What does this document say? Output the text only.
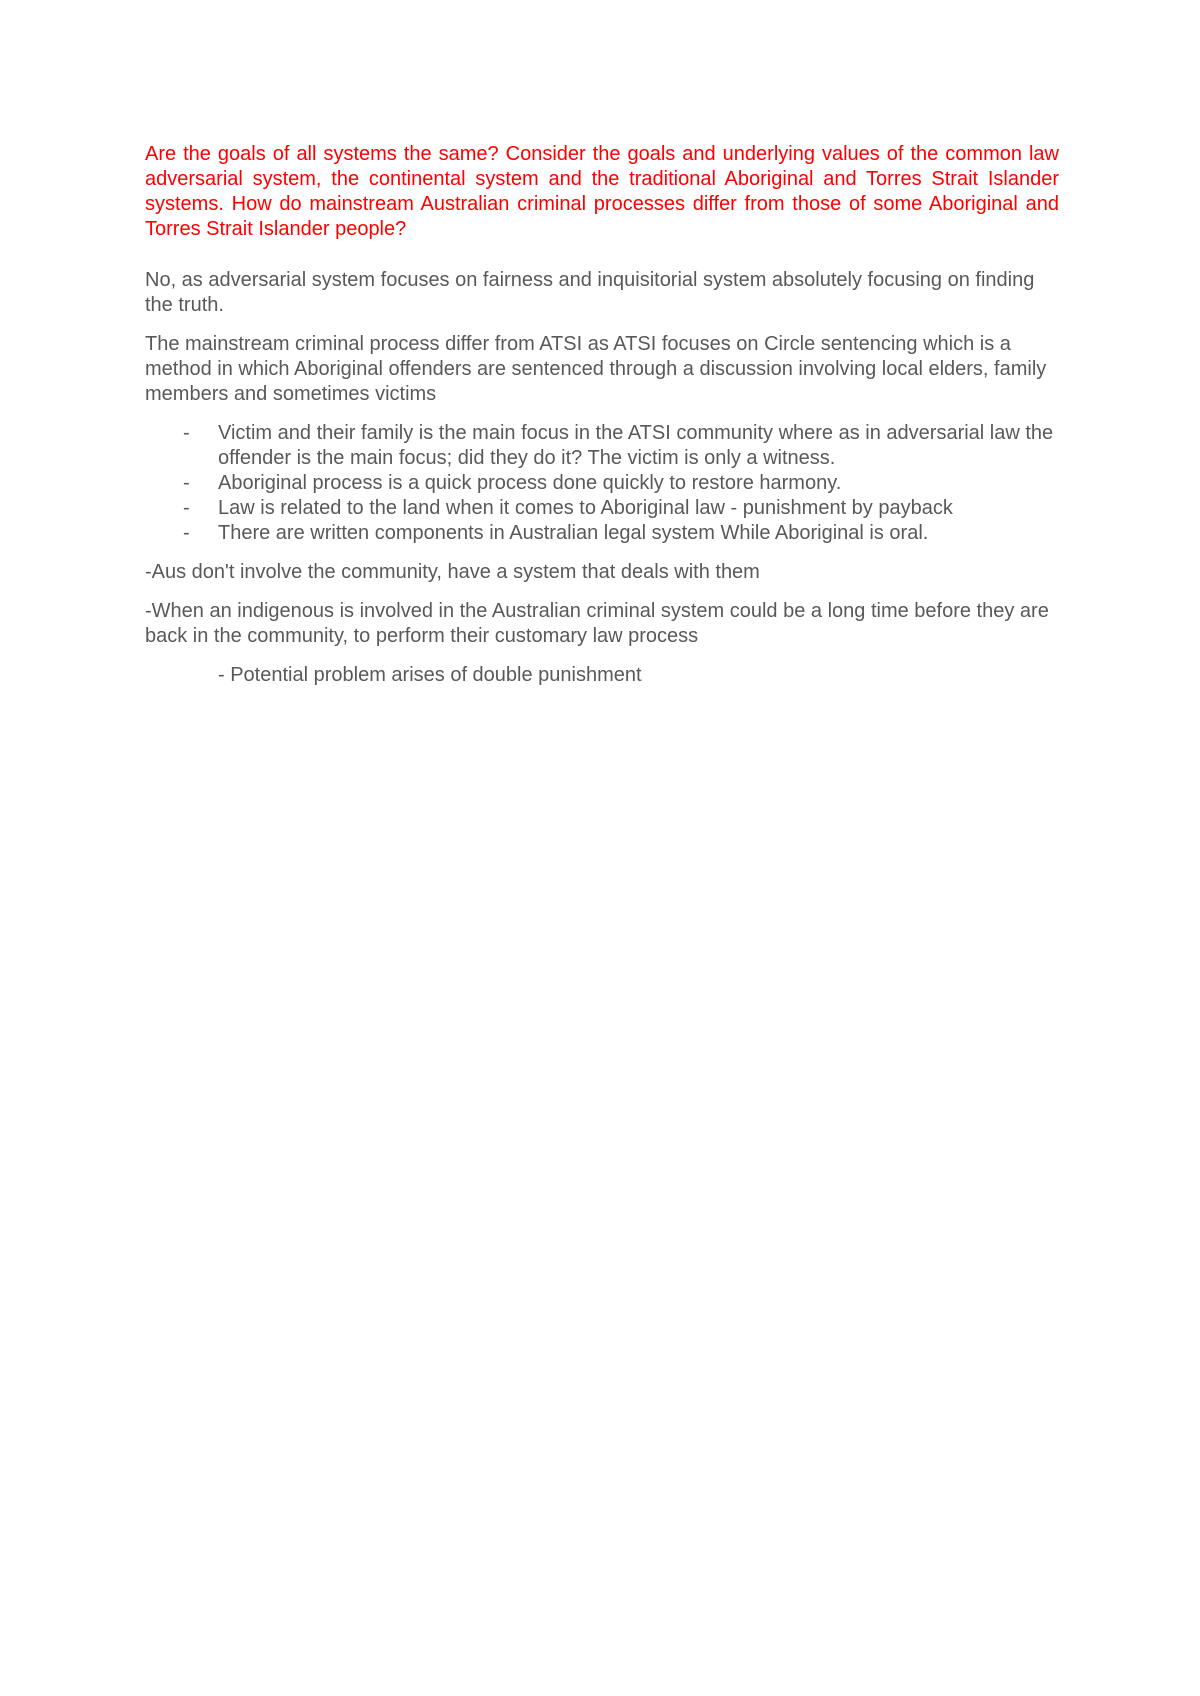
Are the goals of all systems the same? Consider the goals and underlying values of the common law adversarial system, the continental system and the traditional Aboriginal and Torres Strait Islander systems. How do mainstream Australian criminal processes differ from those of some Aboriginal and Torres Strait Islander people?

No, as adversarial system focuses on fairness and inquisitorial system absolutely focusing on finding the truth.

The mainstream criminal process differ from ATSI as ATSI focuses on Circle sentencing which is a method in which Aboriginal offenders are sentenced through a discussion involving local elders, family members and sometimes victims

- Victim and their family is the main focus in the ATSI community where as in adversarial law the offender is the main focus; did they do it? The victim is only a witness.
- Aboriginal process is a quick process done quickly to restore harmony.
- Law is related to the land when it comes to Aboriginal law - punishment by payback
- There are written components in Australian legal system While Aboriginal is oral.

-Aus don't involve the community, have a system that deals with them

-When an indigenous is involved in the Australian criminal system could be a long time before they are back in the community, to perform their customary law process

- Potential problem arises of double punishment
